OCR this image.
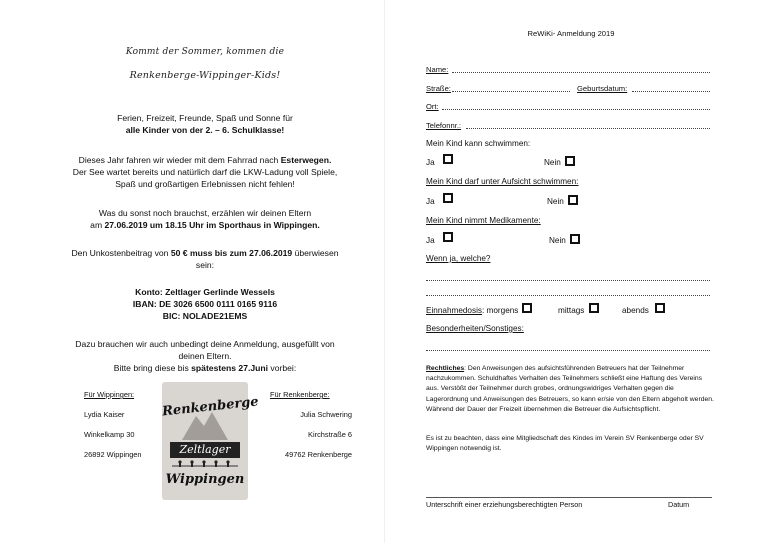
Kommt der Sommer, kommen die
Renkenberge-Wippinger-Kids!
Ferien, Freizeit, Freunde, Spaß und Sonne für
alle Kinder von der 2. – 6. Schulklasse!
Dieses Jahr fahren wir wieder mit dem Fahrrad nach Esterwegen.
Der See wartet bereits und natürlich darf die LKW-Ladung voll Spiele,
Spaß und großartigen Erlebnissen nicht fehlen!
Was du sonst noch brauchst, erzählen wir deinen Eltern
am 27.06.2019 um 18.15 Uhr im Sporthaus in Wippingen.
Den Unkostenbeitrag von 50 € muss bis zum 27.06.2019 überwiesen
sein:
Konto: Zeltlager Gerlinde Wessels
IBAN: DE 3026 6500 0111 0165 9116
BIC: NOLADE21EMS
Dazu brauchen wir auch unbedingt deine Anmeldung, ausgefüllt von
deinen Eltern.
Bitte bring diese bis spätestens 27.Juni vorbei:
Für Wippingen:
Lydia Kaiser
Winkelkamp 30
26892 Wippingen
Renkenberge
Zeltlager
Wippingen
Für Renkenberge:
Julia Schwering
Kirchstraße 6
49762 Renkenberge
ReWiKi- Anmeldung 2019
Name:
Straße:	Geburtsdatum:
Ort:
Telefonnr.:
Mein Kind kann schwimmen:
Ja	Nein
Mein Kind darf unter Aufsicht schwimmen:
Ja	Nein
Mein Kind nimmt Medikamente:
Ja	Nein
Wenn ja, welche?
Einnahmedosis: morgens	mittags	abends
Besonderheiten/Sonstiges:
Rechtliches: Den Anweisungen des aufsichtsführenden Betreuers hat der Teilnehmer nachzukommen. Schuldhaftes Verhalten des Teilnehmers schließt eine Haftung des Vereins aus. Verstößt der Teilnehmer durch grobes, ordnungswidriges Verhalten gegen die Lagerordnung und Anweisungen des Betreuers, so kann er/sie von den Eltern abgeholt werden. Während der Dauer der Freizeit übernehmen die Betreuer die Aufsichtspflicht.
Es ist zu beachten, dass eine Mitgliedschaft des Kindes im Verein SV Renkenberge oder SV Wippingen notwendig ist.
Unterschrift einer erziehungsberechtigten Person	Datum
